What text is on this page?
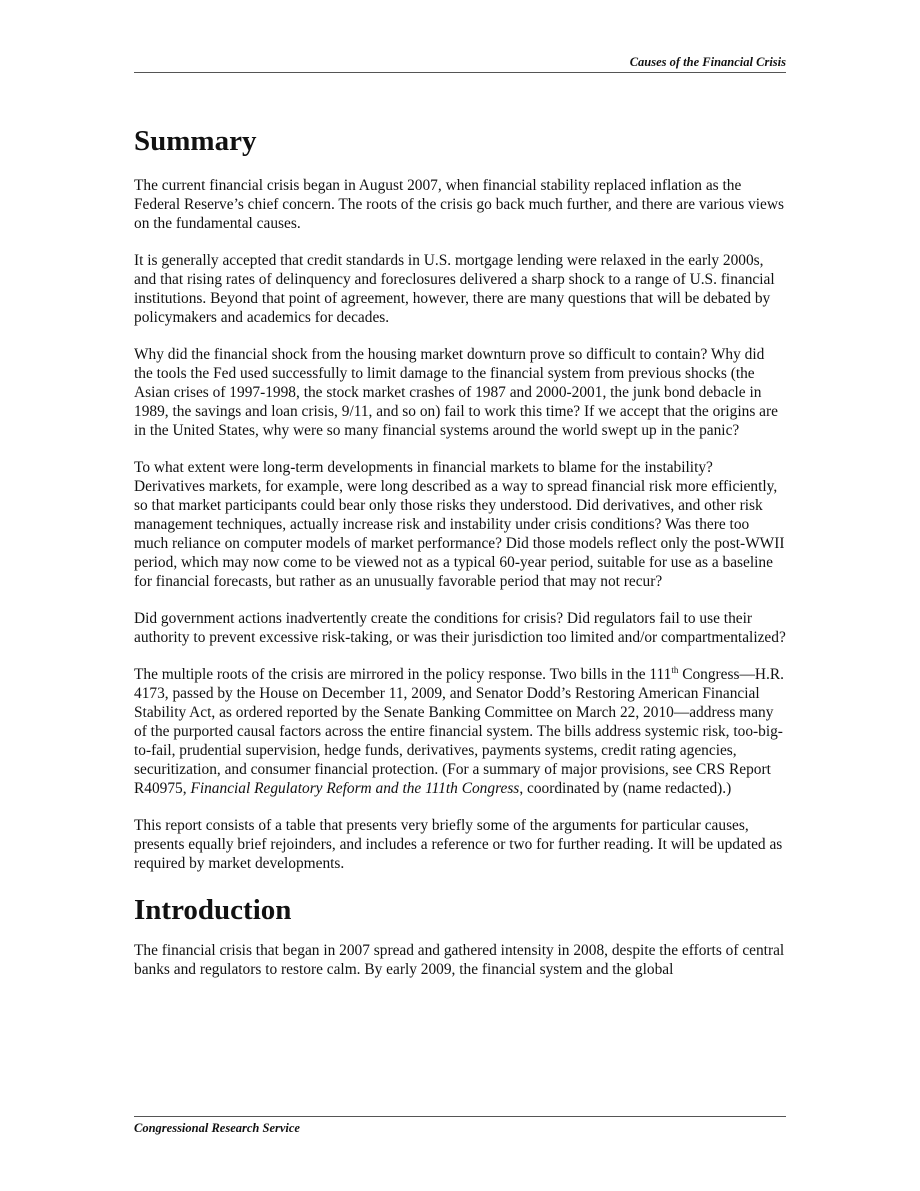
Causes of the Financial Crisis
Summary

The current financial crisis began in August 2007, when financial stability replaced inflation as the Federal Reserve’s chief concern. The roots of the crisis go back much further, and there are various views on the fundamental causes.

It is generally accepted that credit standards in U.S. mortgage lending were relaxed in the early 2000s, and that rising rates of delinquency and foreclosures delivered a sharp shock to a range of U.S. financial institutions. Beyond that point of agreement, however, there are many questions that will be debated by policymakers and academics for decades.

Why did the financial shock from the housing market downturn prove so difficult to contain? Why did the tools the Fed used successfully to limit damage to the financial system from previous shocks (the Asian crises of 1997-1998, the stock market crashes of 1987 and 2000-2001, the junk bond debacle in 1989, the savings and loan crisis, 9/11, and so on) fail to work this time? If we accept that the origins are in the United States, why were so many financial systems around the world swept up in the panic?

To what extent were long-term developments in financial markets to blame for the instability? Derivatives markets, for example, were long described as a way to spread financial risk more efficiently, so that market participants could bear only those risks they understood. Did derivatives, and other risk management techniques, actually increase risk and instability under crisis conditions? Was there too much reliance on computer models of market performance? Did those models reflect only the post-WWII period, which may now come to be viewed not as a typical 60-year period, suitable for use as a baseline for financial forecasts, but rather as an unusually favorable period that may not recur?

Did government actions inadvertently create the conditions for crisis? Did regulators fail to use their authority to prevent excessive risk-taking, or was their jurisdiction too limited and/or compartmentalized?

The multiple roots of the crisis are mirrored in the policy response. Two bills in the 111th Congress—H.R. 4173, passed by the House on December 11, 2009, and Senator Dodd’s Restoring American Financial Stability Act, as ordered reported by the Senate Banking Committee on March 22, 2010—address many of the purported causal factors across the entire financial system. The bills address systemic risk, too-big-to-fail, prudential supervision, hedge funds, derivatives, payments systems, credit rating agencies, securitization, and consumer financial protection. (For a summary of major provisions, see CRS Report R40975, Financial Regulatory Reform and the 111th Congress, coordinated by (name redacted).)

This report consists of a table that presents very briefly some of the arguments for particular causes, presents equally brief rejoinders, and includes a reference or two for further reading. It will be updated as required by market developments.

Introduction

The financial crisis that began in 2007 spread and gathered intensity in 2008, despite the efforts of central banks and regulators to restore calm. By early 2009, the financial system and the global

Congressional Research Service
